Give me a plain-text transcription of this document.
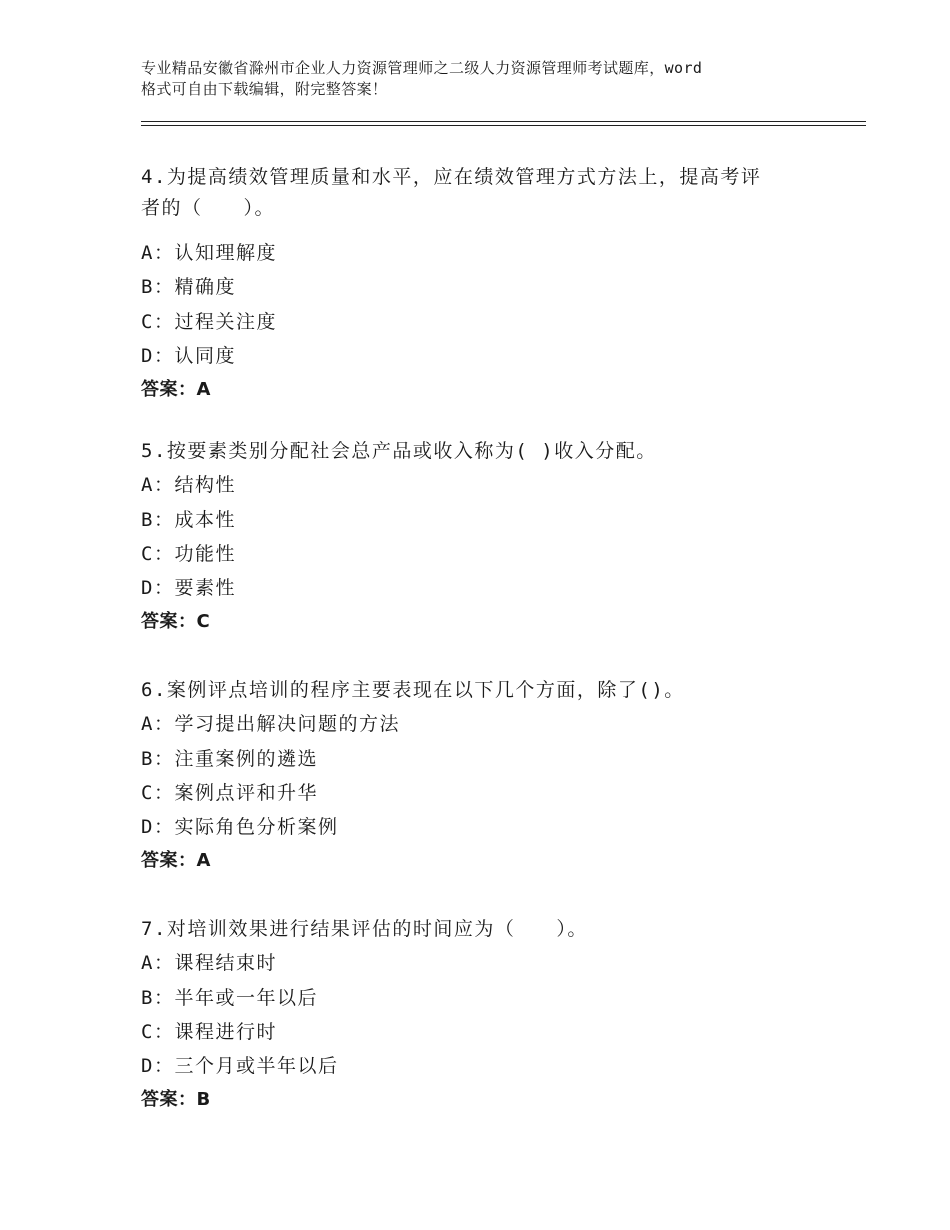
专业精品安徽省滁州市企业人力资源管理师之二级人力资源管理师考试题库，word

格式可自由下载编辑，附完整答案！

4.为提高绩效管理质量和水平，应在绩效管理方式方法上，提高考评

者的（　　）。

A：认知理解度

B：精确度

C：过程关注度

D：认同度

答案：A

5.按要素类别分配社会总产品或收入称为( )收入分配。

A：结构性

B：成本性

C：功能性

D：要素性

答案：C

6.案例评点培训的程序主要表现在以下几个方面，除了()。

A：学习提出解决问题的方法

B：注重案例的遴选

C：案例点评和升华

D：实际角色分析案例

答案：A

7.对培训效果进行结果评估的时间应为（　　）。

A：课程结束时

B：半年或一年以后

C：课程进行时

D：三个月或半年以后

答案：B
